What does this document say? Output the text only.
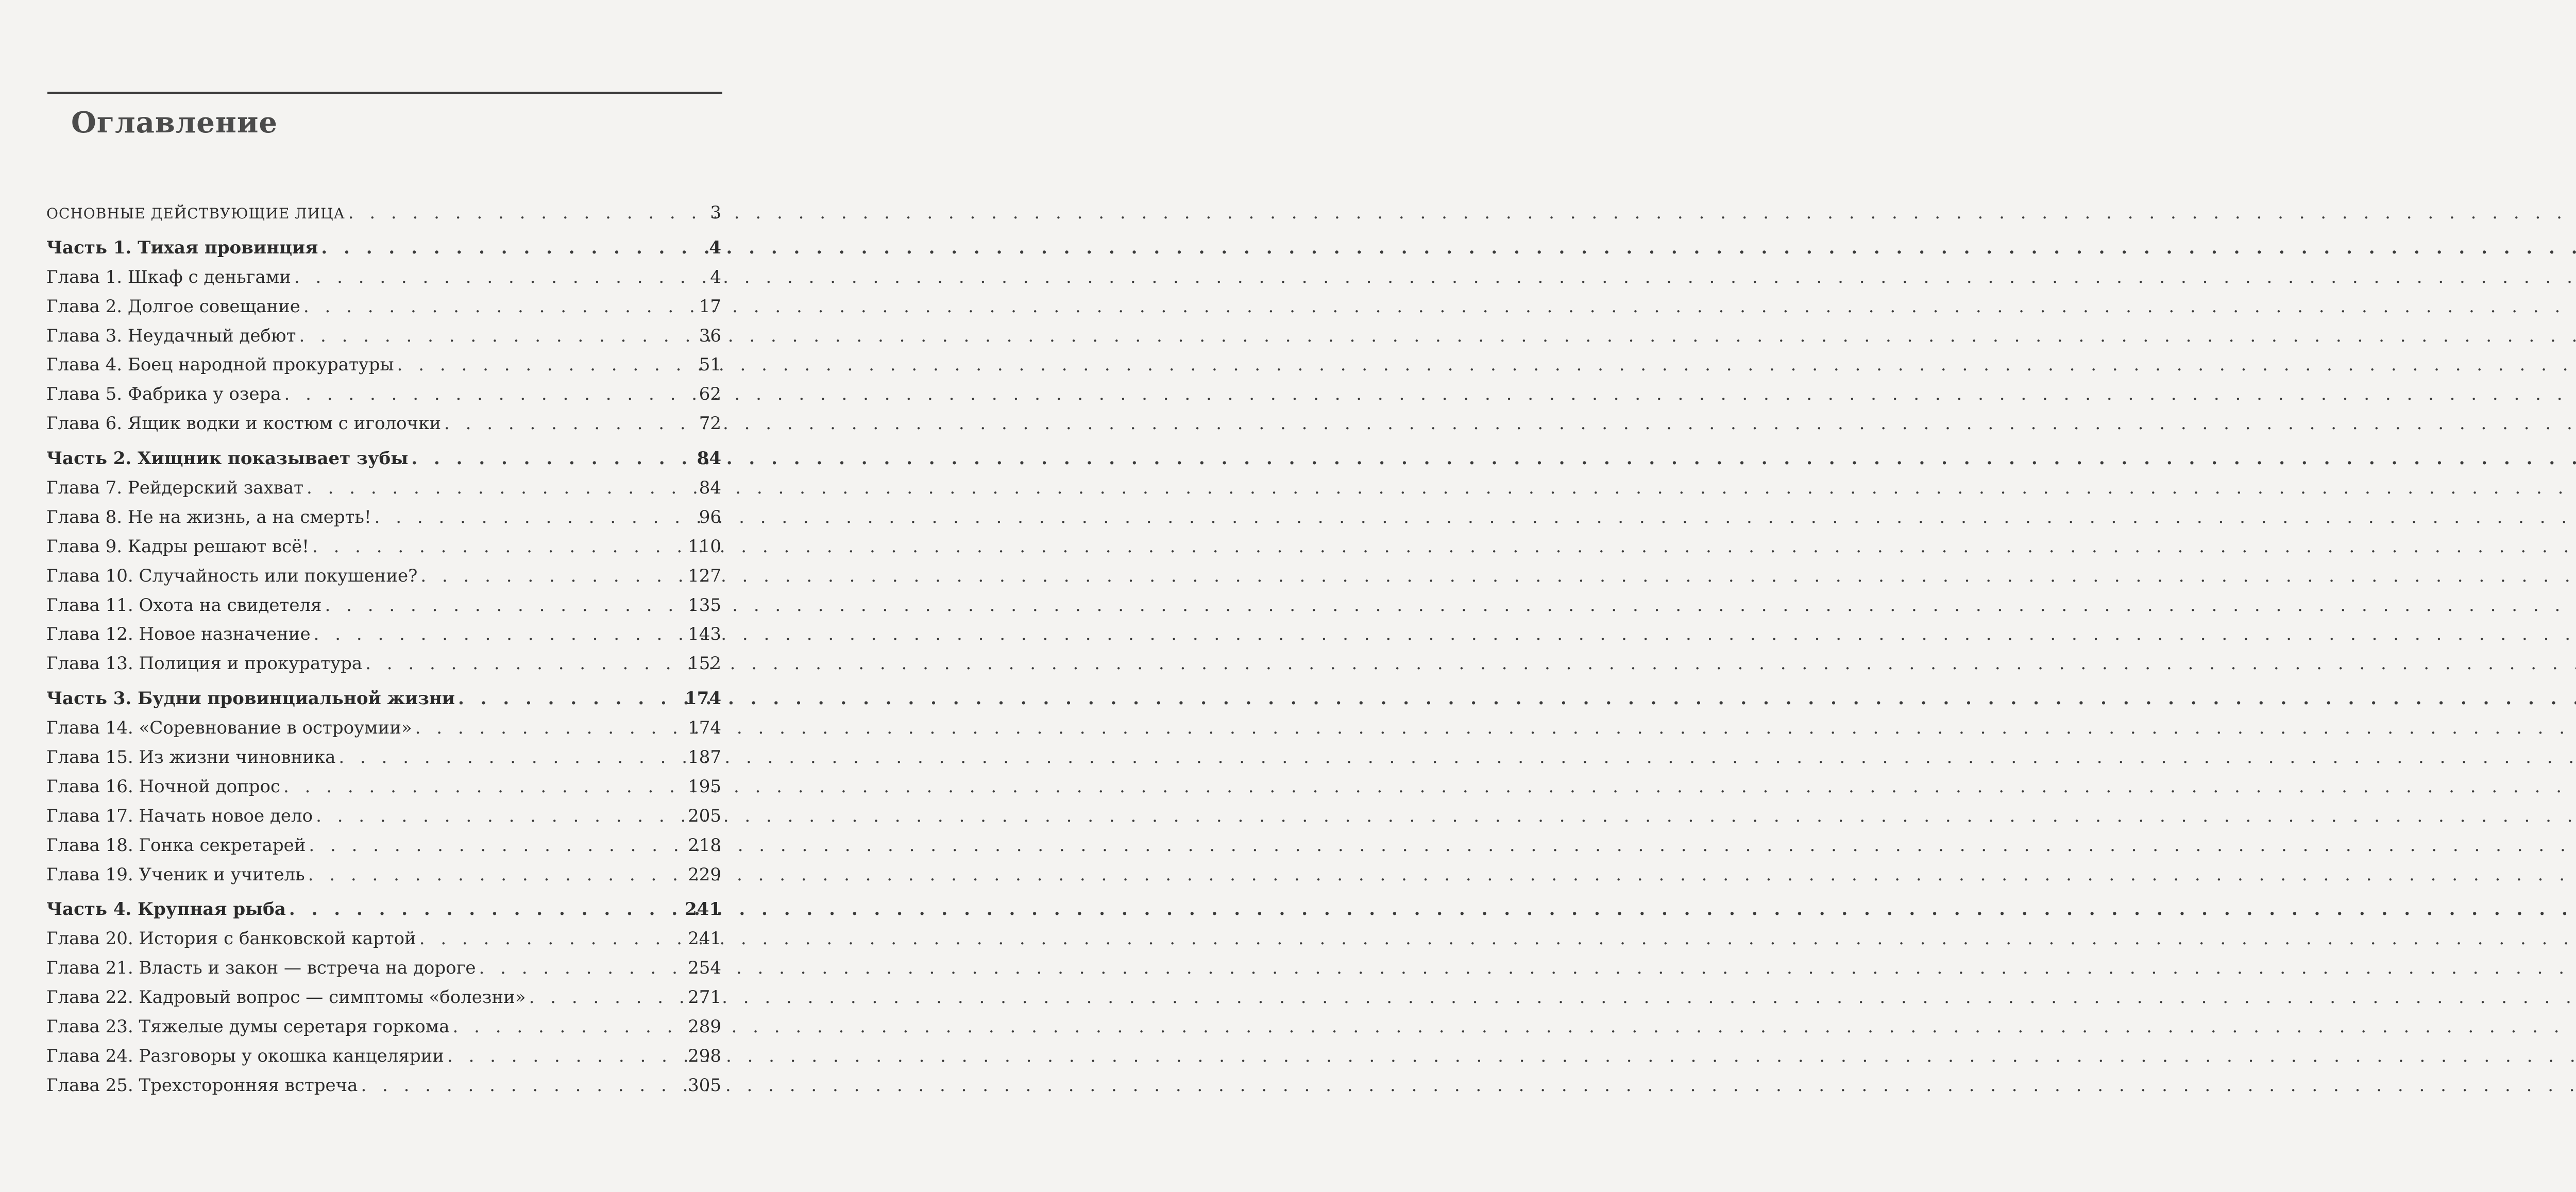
Оглавление
ОСНОВНЫЕ ДЕЙСТВУЮЩИЕ ЛИЦА . . .	3
Часть 1. Тихая провинция . . .	4
Глава 1. Шкаф с деньгами . . .	4
Глава 2. Долгое совещание . . .	17
Глава 3. Неудачный дебют . . .	36
Глава 4. Боец народной прокуратуры . . .	51
Глава 5. Фабрика у озера . . .	62
Глава 6. Ящик водки и костюм с иголочки . . .	72
Часть 2. Хищник показывает зубы . . .	84
Глава 7. Рейдерский захват . . .	84
Глава 8. Не на жизнь, а на смерть! . . .	96
Глава 9. Кадры решают всё! . . .	110
Глава 10. Случайность или покушение? . . .	127
Глава 11. Охота на свидетеля . . .	135
Глава 12. Новое назначение . . .	143
Глава 13. Полиция и прокуратура . . .	152
Часть 3. Будни провинциальной жизни . . .	174
Глава 14. «Соревнование в остроумии» . . .	174
Глава 15. Из жизни чиновника . . .	187
Глава 16. Ночной допрос . . .	195
Глава 17. Начать новое дело . . .	205
Глава 18. Гонка секретарей . . .	218
Глава 19. Ученик и учитель . . .	229
Часть 4. Крупная рыба . . .	241
Глава 20. История с банковской картой . . .	241
Глава 21. Власть и закон — встреча на дороге . . .	254
Глава 22. Кадровый вопрос — симптомы «болезни» . . .	271
Глава 23. Тяжелые думы серетаря горкома . . .	289
Глава 24. Разговоры у окошка канцелярии . . .	298
Глава 25. Трехсторонняя встреча . . .	305
